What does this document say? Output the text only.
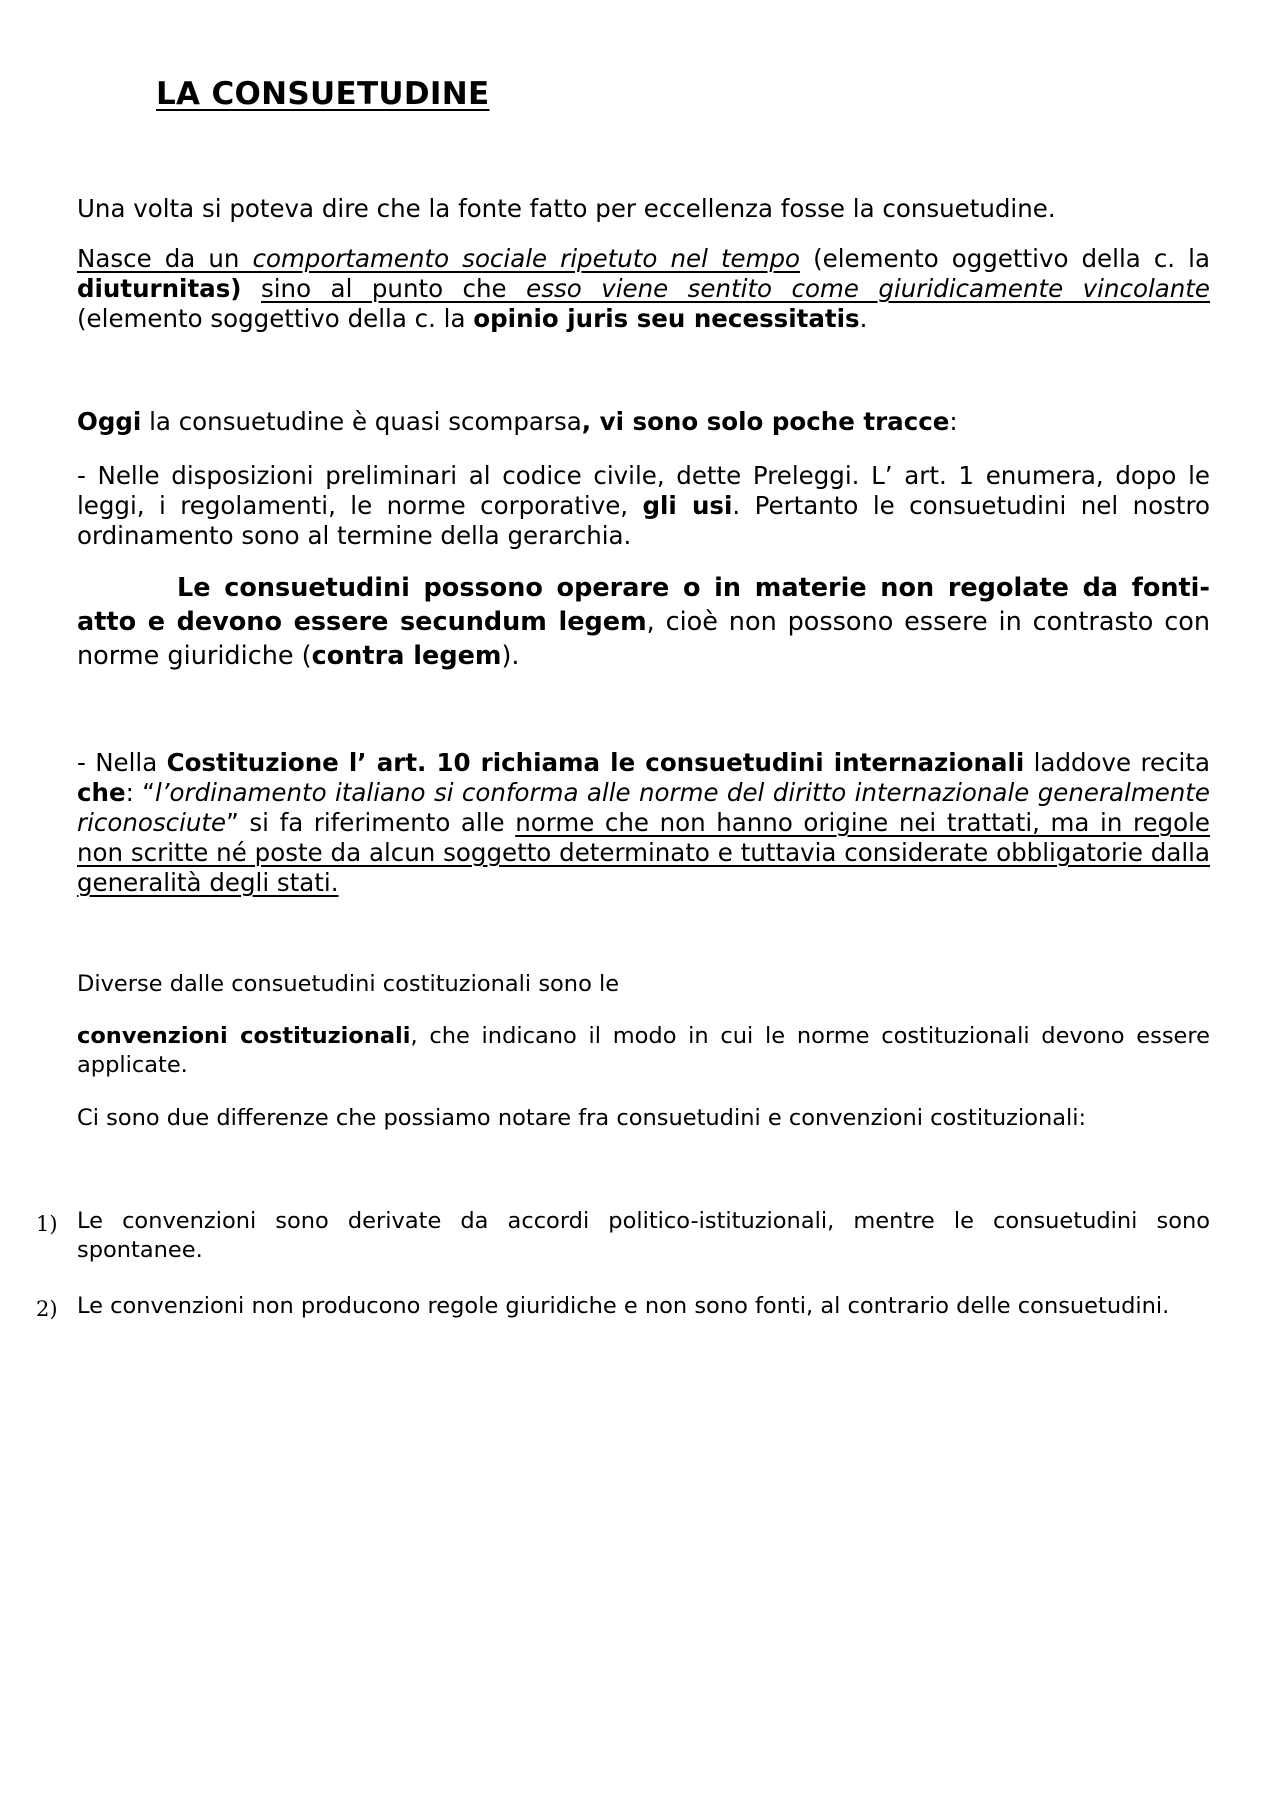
LA CONSUETUDINE

Una volta si poteva dire che la fonte fatto per eccellenza fosse la consuetudine.

Nasce da un comportamento sociale ripetuto nel tempo (elemento oggettivo della c. la diuturnitas) sino al punto che esso viene sentito come giuridicamente vincolante (elemento soggettivo della c. la opinio juris seu necessitatis.

Oggi la consuetudine è quasi scomparsa, vi sono solo poche tracce:

- Nelle disposizioni preliminari al codice civile, dette Preleggi. L’ art. 1 enumera, dopo le leggi, i regolamenti, le norme corporative, gli usi. Pertanto le consuetudini nel nostro ordinamento sono al termine della gerarchia.

Le consuetudini possono operare o in materie non regolate da fonti-atto e devono essere secundum legem, cioè non possono essere in contrasto con norme giuridiche (contra legem).

- Nella Costituzione l’ art. 10 richiama le consuetudini internazionali laddove recita che: “l’ordinamento italiano si conforma alle norme del diritto internazionale generalmente riconosciute” si fa riferimento alle norme che non hanno origine nei trattati, ma in regole non scritte né poste da alcun soggetto determinato e tuttavia considerate obbligatorie dalla generalità degli stati.

Diverse dalle consuetudini costituzionali sono le

convenzioni costituzionali, che indicano il modo in cui le norme costituzionali devono essere applicate.

Ci sono due differenze che possiamo notare fra consuetudini e convenzioni costituzionali:

1) Le convenzioni sono derivate da accordi politico-istituzionali, mentre le consuetudini sono spontanee.

2) Le convenzioni non producono regole giuridiche e non sono fonti, al contrario delle consuetudini.
